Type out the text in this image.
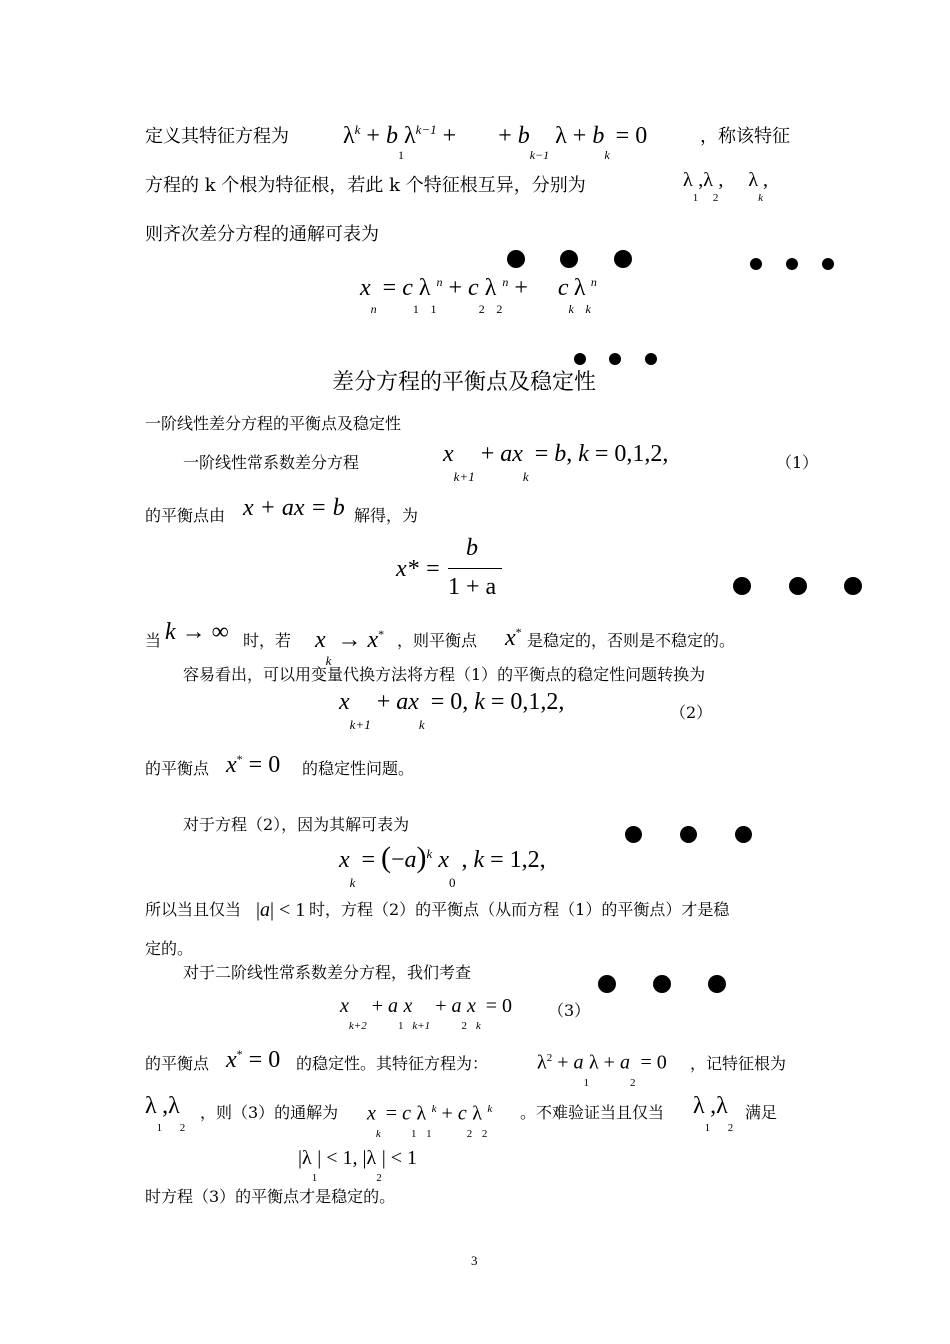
定义其特征方程为 $\lambda^k + b_1\lambda^{k-1}$ +       + $b_{k-1}$ $\lambda + b_k = 0$	，称该特征
方程的 k 个根为特征根，若此 k 个特征根互异，分别为	$\lambda_1,\lambda_2$,     $\lambda_k$,
则齐次差分方程的通解可表为
$x_n = c_1\lambda_1^n + c_2\lambda_2^n$ +     $c_k\lambda_k^n$
差分方程的平衡点及稳定性
一阶线性差分方程的平衡点及稳定性
一阶线性常系数差分方程	$x_{k+1} + ax_k = b$, k = 0,1,2,	（1）
的平衡点由 x + ax = b 解得，为
x* =
b
1 + a
当 k → ∞ 时，若 $x_k \to x^*$ ，则平衡点 x* 是稳定的，否则是不稳定的。
容易看出，可以用变量代换方法将方程（1）的平衡点的稳定性问题转换为
$x_{k+1} + ax_k = 0$, k = 0,1,2,	（2）
的平衡点 x* = 0 的稳定性问题。
对于方程（2），因为其解可表为
$x_k = (-a)^k$ $x_0$ , k = 1,2,
所以当且仅当 |a| < 1 时，方程（2）的平衡点（从而方程（1）的平衡点）才是稳
定的。
对于二阶线性常系数差分方程，我们考查
$x_{k+2} + a_1x_{k+1} + a_2x_k = 0$ （3）
的平衡点 x* = 0 的稳定性。其特征方程为： $\lambda^2 + a_1\lambda + a_2 = 0$ ，记特征根为
$\lambda_1,\lambda_2$
，则（3）的通解为 $x_k = c_1\lambda_1^k + c_2\lambda_2^k$ 。不难验证当且仅当 $\lambda_1,\lambda_2$
满足
$|\lambda_1| < 1$, $|\lambda_2| < 1$
时方程（3）的平衡点才是稳定的。
3
